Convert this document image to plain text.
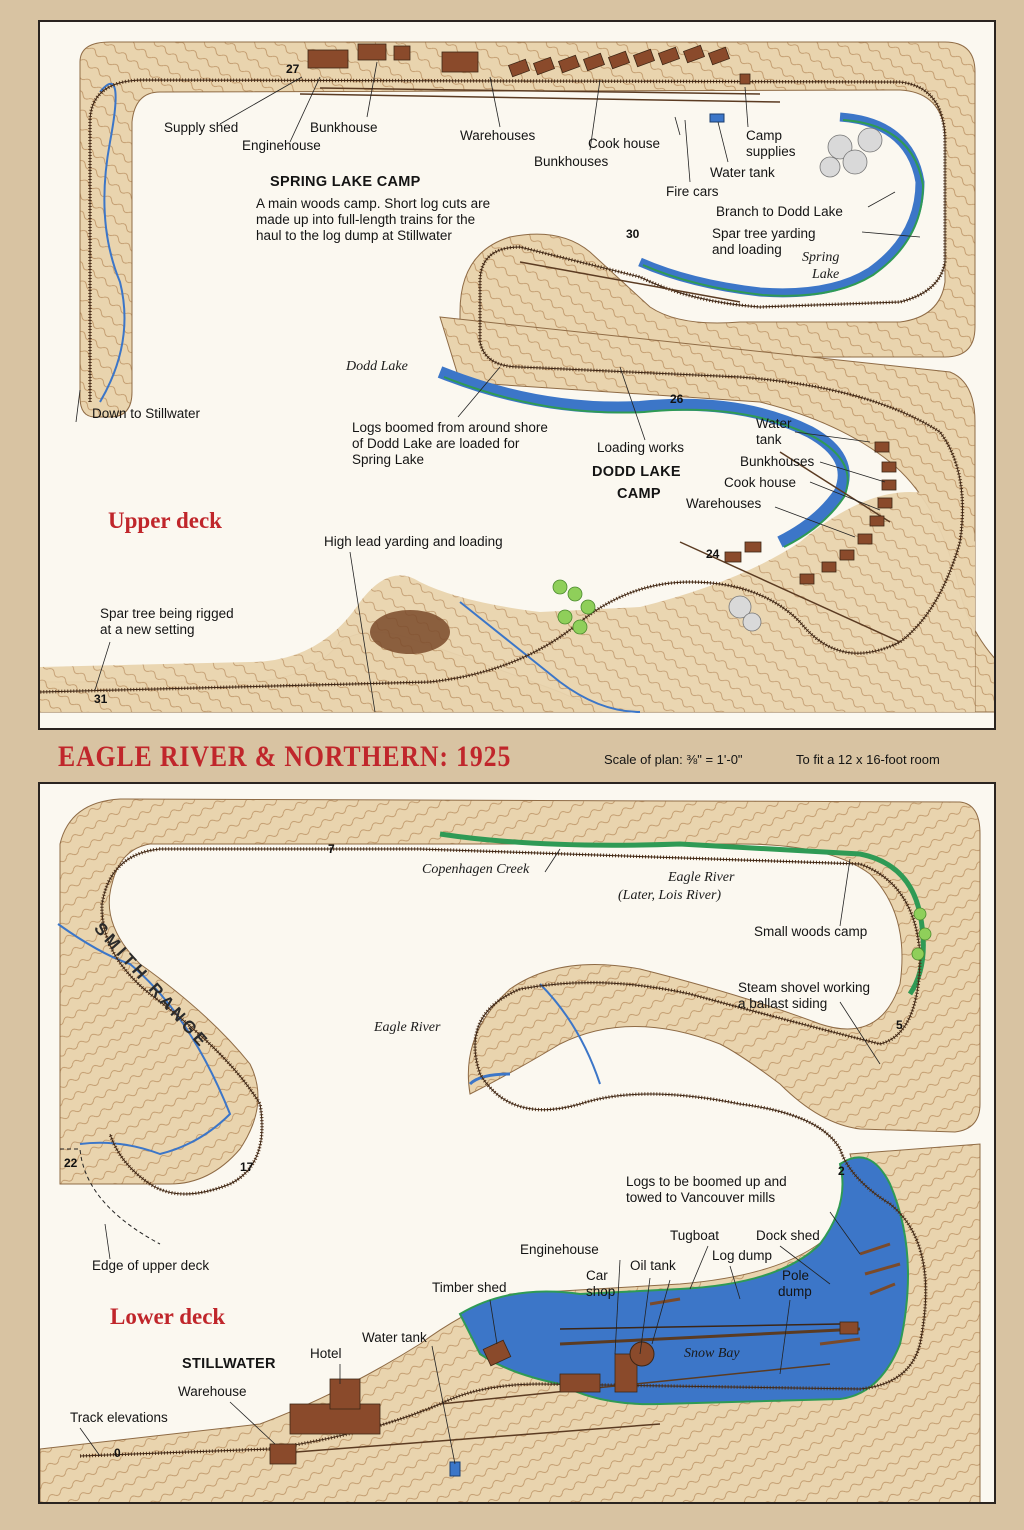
Supply shed
Enginehouse
Bunkhouse
Warehouses
Bunkhouses
Cook house
Camp
supplies
Water tank
Fire cars
Branch to Dodd Lake
Spar tree yarding
and loading
Spring
Lake
SPRING LAKE CAMP
A main woods camp. Short log cuts are made up into full-length trains for the haul to the log dump at Stillwater
Dodd Lake
Down to Stillwater
Logs boomed from around shore of Dodd Lake are loaded for Spring Lake
Loading works
Water
tank
Bunkhouses
Cook house
Warehouses
DODD LAKE
CAMP
Upper deck
High lead yarding and loading
Spar tree being rigged
at a new setting
27
30
26
24
31
EAGLE RIVER & NORTHERN: 1925	Scale of plan: ⅜" = 1'-0"	To fit a 12 x 16-foot room
SMITH RANGE
Copenhagen Creek
Eagle River
(Later, Lois River)
Small woods camp
Steam shovel working
a ballast siding
Eagle River
Edge of upper deck
Logs to be boomed up and
towed to Vancouver mills
Tugboat	Dock shed
Log dump
Enginehouse
Car
shop
Oil tank
Pole
dump
Timber shed
Snow Bay
Lower deck
Water tank
Hotel
STILLWATER
Warehouse
Track elevations
7
5
22	17	2
0
